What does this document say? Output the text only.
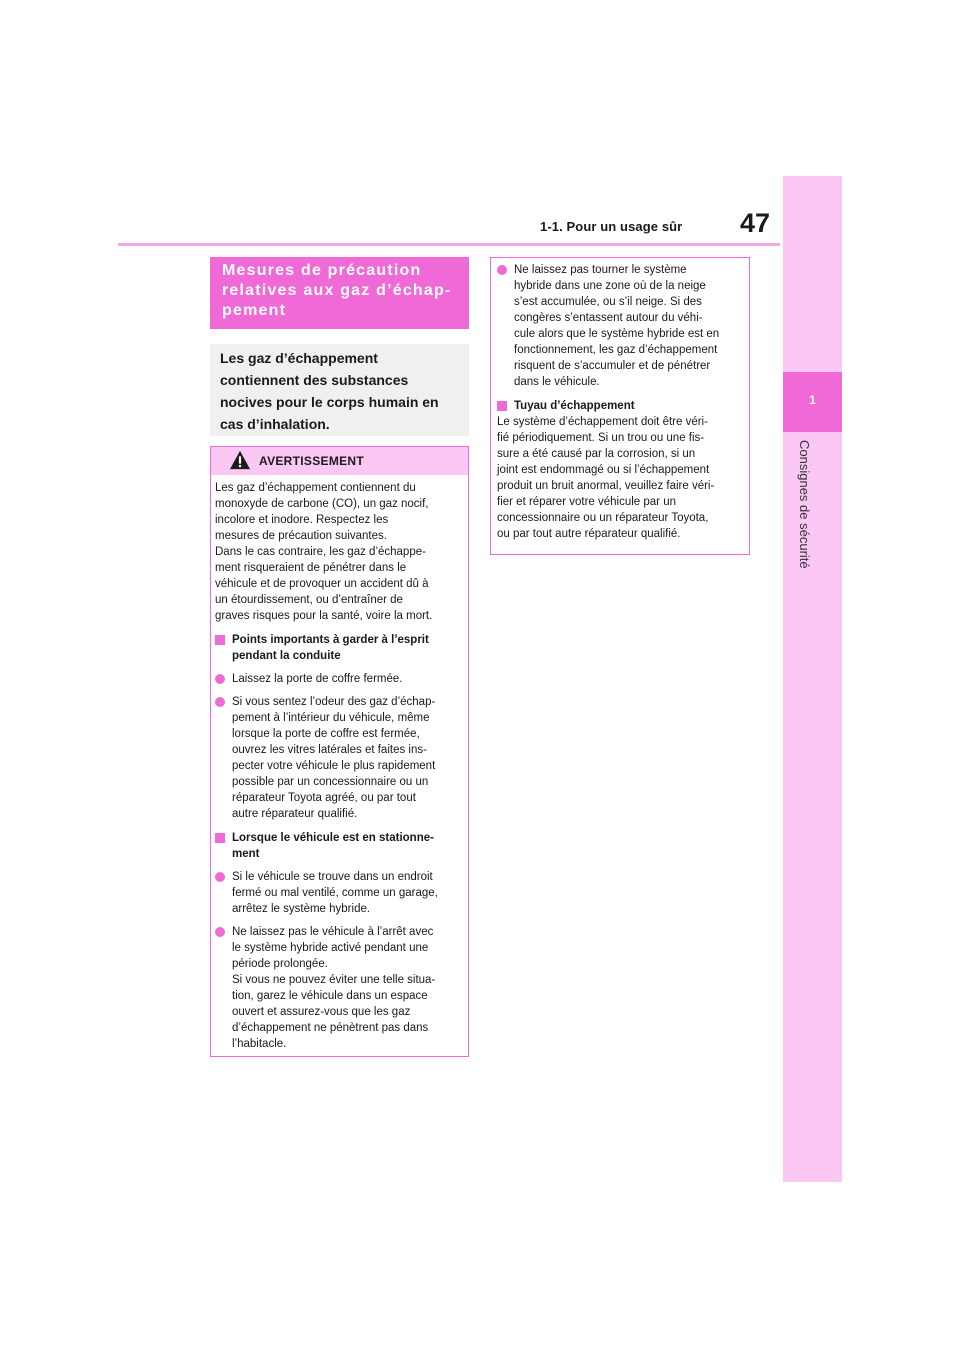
1-1. Pour un usage sûr 47
1
Consignes de sécurité
Mesures de précaution
relatives aux gaz d’échap-
pement
Les gaz d’échappement
contiennent des substances
nocives pour le corps humain en
cas d’inhalation.
AVERTISSEMENT

Les gaz d’échappement contiennent du
monoxyde de carbone (CO), un gaz nocif,
incolore et inodore. Respectez les
mesures de précaution suivantes.
Dans le cas contraire, les gaz d’échappe-
ment risqueraient de pénétrer dans le
véhicule et de provoquer un accident dû à
un étourdissement, ou d’entraîner de
graves risques pour la santé, voire la mort.

Points importants à garder à l’esprit
pendant la conduite
Laissez la porte de coffre fermée.
Si vous sentez l’odeur des gaz d’échap-
pement à l’intérieur du véhicule, même
lorsque la porte de coffre est fermée,
ouvrez les vitres latérales et faites ins-
pecter votre véhicule le plus rapidement
possible par un concessionnaire ou un
réparateur Toyota agréé, ou par tout
autre réparateur qualifié.
Lorsque le véhicule est en stationne-
ment
Si le véhicule se trouve dans un endroit
fermé ou mal ventilé, comme un garage,
arrêtez le système hybride.
Ne laissez pas le véhicule à l’arrêt avec
le système hybride activé pendant une
période prolongée.
Si vous ne pouvez éviter une telle situa-
tion, garez le véhicule dans un espace
ouvert et assurez-vous que les gaz
d’échappement ne pénètrent pas dans
l’habitacle.
Ne laissez pas tourner le système
hybride dans une zone où de la neige
s’est accumulée, ou s’il neige. Si des
congères s’entassent autour du véhi-
cule alors que le système hybride est en
fonctionnement, les gaz d’échappement
risquent de s’accumuler et de pénétrer
dans le véhicule.
Tuyau d’échappement

Le système d’échappement doit être véri-
fié périodiquement. Si un trou ou une fis-
sure a été causé par la corrosion, si un
joint est endommagé ou si l’échappement
produit un bruit anormal, veuillez faire véri-
fier et réparer votre véhicule par un
concessionnaire ou un réparateur Toyota,
ou par tout autre réparateur qualifié.
